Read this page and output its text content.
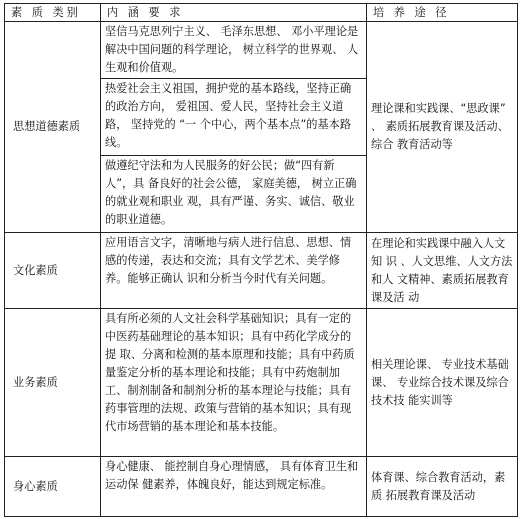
素 质 类别	内 涵 要 求	培 养 途 径
思想道德素质	坚信马克思列宁主义、 毛泽东思想、 邓小平理论是解决中国问题的科学理论， 树立科学的世界观、 人生观和价值观。	理论课和实践课、“思政课” 、 素质拓展教育课及活动、综合 教育活动等
	热爱社会主义祖国，拥护党的基本路线，坚持正确的政治方向， 爱祖国、爱人民，坚持社会主义道路， 坚持党的 “一 个中心，两个基本点”的基本路线。	
	做遵纪守法和为人民服务的好公民；做“四有新人”，具 备良好的社会公德， 家庭美德， 树立正确的就业观和职业 观，具有严谨、务实、诚信、敬业的职业道德。	
文化素质	应用语言文字，清晰地与病人进行信息、思想、情感的传递，表达和交流；具有文学艺术、美学修养。能够正确认 识和分析当今时代有关问题。	在理论和实践课中融入人文知 识 、人文思维、人文方法和人 文精神、素质拓展教育课及活 动
业务素质	具有所必须的人文社会科学基础知识；具有一定的中医药基础理论的基本知识；具有中药化学成分的提 取、分离和检测的基本原理和技能；具有中药质量鉴定分析的基本理论和技能；具有中药炮制加 工、制剂制备和制剂分析的基本理论与技能；具有药事管理的法规、政策与营销的基本知识；具有现代市场营销的基本理论和基本技能。	相关理论课、 专业技术基础课、 专业综合技术课及综合技术技 能实训等
身心素质	身心健康、 能控制自身心理情感， 具有体育卫生和运动保 健素养，体魄良好，能达到规定标准。	体育课、综合教育活动，素质 拓展教育课及活动
